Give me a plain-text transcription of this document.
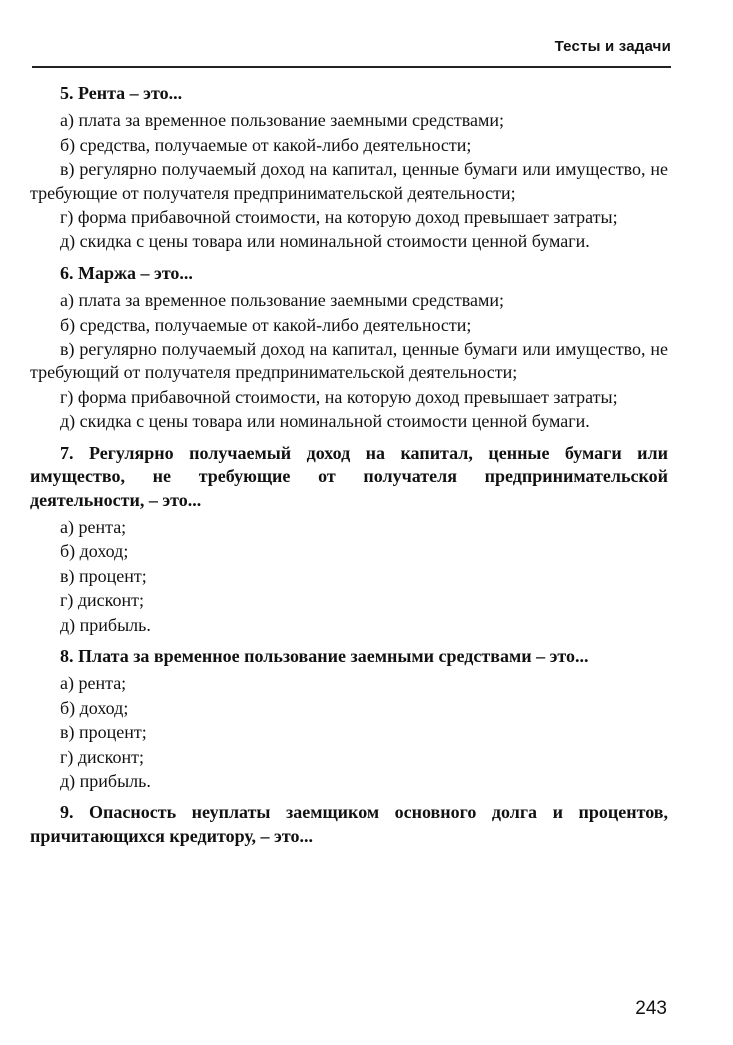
Тесты и задачи

5. Рента – это...

а) плата за временное пользование заемными средствами;

б) средства, получаемые от какой-либо деятельности;

в) регулярно получаемый доход на капитал, ценные бумаги или имущество, не требующие от получателя предпринимательской деятельности;

г) форма прибавочной стоимости, на которую доход превышает затраты;

д) скидка с цены товара или номинальной стоимости ценной бумаги.

6. Маржа – это...

а) плата за временное пользование заемными средствами;

б) средства, получаемые от какой-либо деятельности;

в) регулярно получаемый доход на капитал, ценные бумаги или имущество, не требующий от получателя предпринимательской деятельности;

г) форма прибавочной стоимости, на которую доход превышает затраты;

д) скидка с цены товара или номинальной стоимости ценной бумаги.

7. Регулярно получаемый доход на капитал, ценные бумаги или имущество, не требующие от получателя предпринимательской деятельности, – это...

а) рента;

б) доход;

в) процент;

г) дисконт;

д) прибыль.

8. Плата за временное пользование заемными средствами – это...

а) рента;

б) доход;

в) процент;

г) дисконт;

д) прибыль.

9. Опасность неуплаты заемщиком основного долга и процентов, причитающихся кредитору, – это...

243
